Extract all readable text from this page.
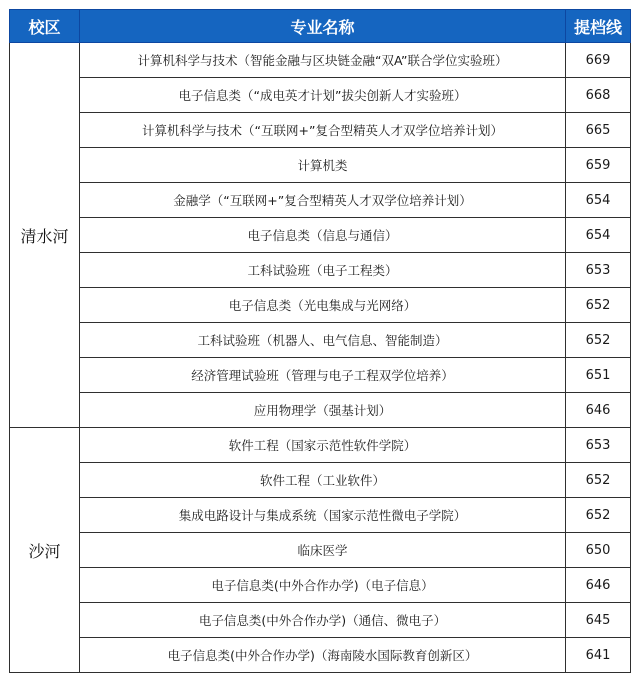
校区	专业名称	提档线
清水河	计算机科学与技术（智能金融与区块链金融“双A”联合学位实验班）	669
	电子信息类（“成电英才计划”拔尖创新人才实验班）	668
	计算机科学与技术（“互联网+”复合型精英人才双学位培养计划）	665
	计算机类	659
	金融学（“互联网+”复合型精英人才双学位培养计划）	654
	电子信息类（信息与通信）	654
	工科试验班（电子工程类）	653
	电子信息类（光电集成与光网络）	652
	工科试验班（机器人、电气信息、智能制造）	652
	经济管理试验班（管理与电子工程双学位培养）	651
	应用物理学（强基计划）	646
沙河	软件工程（国家示范性软件学院）	653
	软件工程（工业软件）	652
	集成电路设计与集成系统（国家示范性微电子学院）	652
	临床医学	650
	电子信息类(中外合作办学)（电子信息）	646
	电子信息类(中外合作办学)（通信、微电子）	645
	电子信息类(中外合作办学)（海南陵水国际教育创新区）	641
